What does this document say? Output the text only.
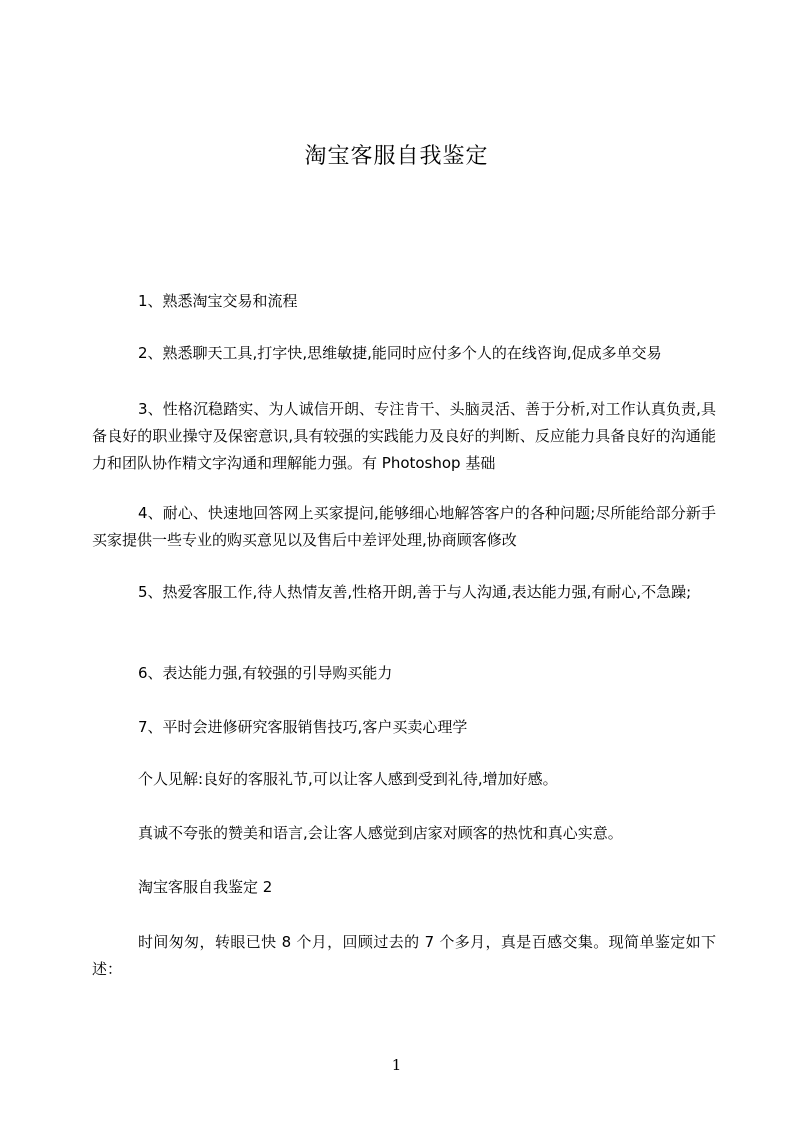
淘宝客服自我鉴定

1、熟悉淘宝交易和流程

2、熟悉聊天工具,打字快,思维敏捷,能同时应付多个人的在线咨询,促成多单交易

3、性格沉稳踏实、为人诚信开朗、专注肯干、头脑灵活、善于分析,对工作认真负责,具备良好的职业操守及保密意识,具有较强的实践能力及良好的判断、反应能力具备良好的沟通能力和团队协作精文字沟通和理解能力强。有 Photoshop 基础

4、耐心、快速地回答网上买家提问,能够细心地解答客户的各种问题;尽所能给部分新手买家提供一些专业的购买意见以及售后中差评处理,协商顾客修改

5、热爱客服工作,待人热情友善,性格开朗,善于与人沟通,表达能力强,有耐心,不急躁;

6、表达能力强,有较强的引导购买能力

7、平时会进修研究客服销售技巧,客户买卖心理学

个人见解:良好的客服礼节,可以让客人感到受到礼待,增加好感。

真诚不夸张的赞美和语言,会让客人感觉到店家对顾客的热忱和真心实意。

淘宝客服自我鉴定 2

时间匆匆，转眼已快 8 个月，回顾过去的 7 个多月，真是百感交集。现简单鉴定如下述：

1
